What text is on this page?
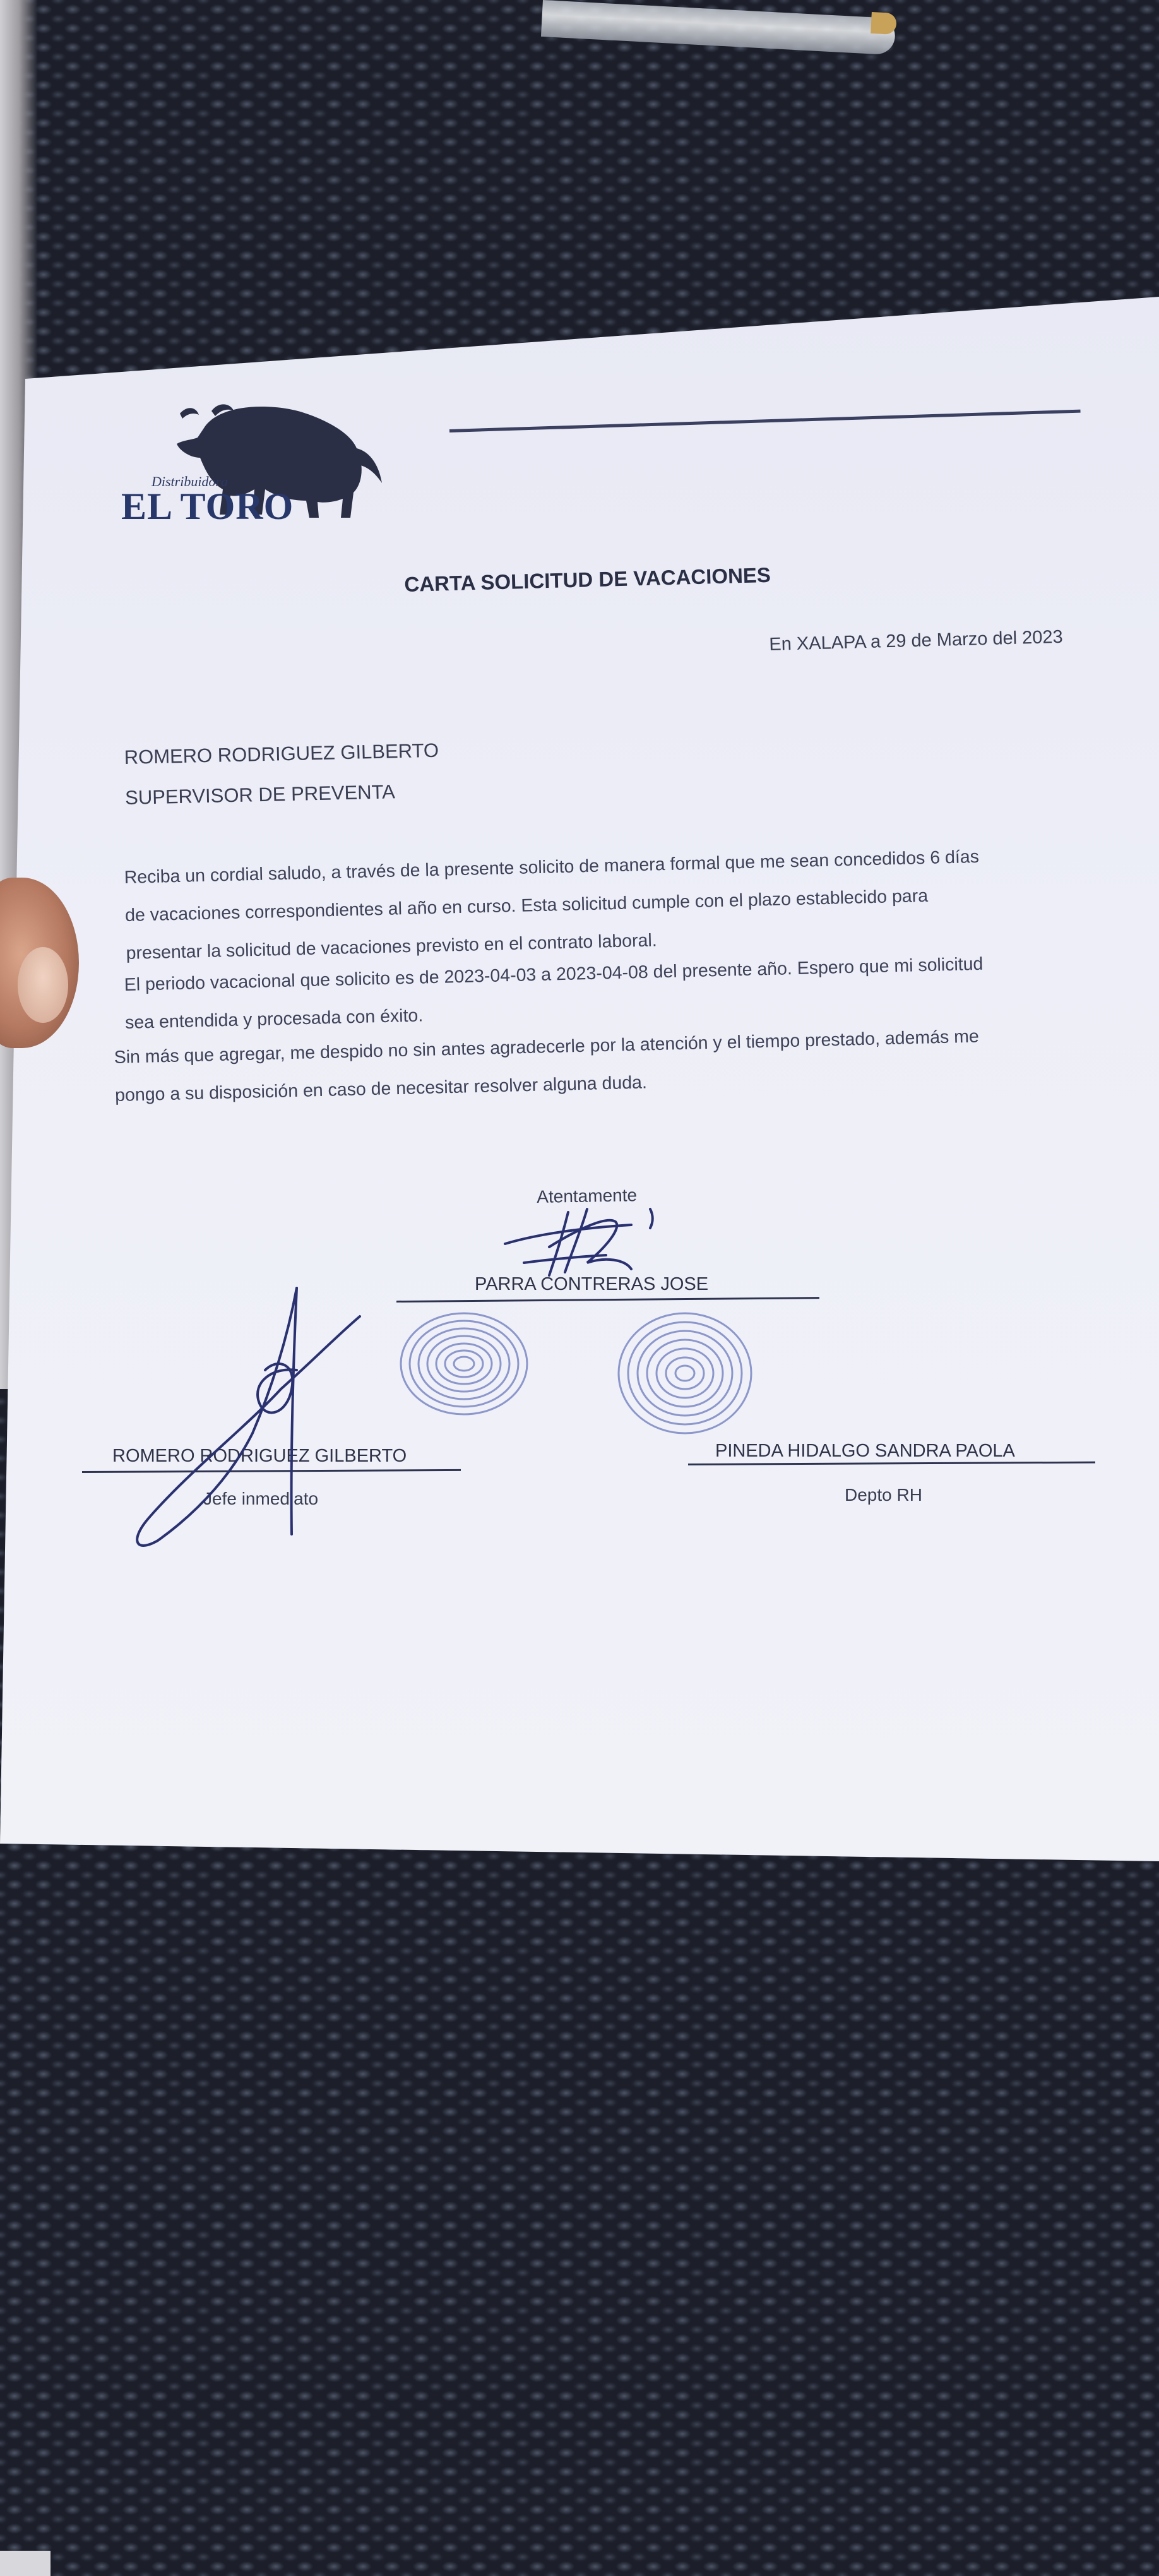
Distribuidora
EL TORO
CARTA SOLICITUD DE VACACIONES
En XALAPA a 29 de Marzo del 2023
ROMERO RODRIGUEZ GILBERTO
SUPERVISOR DE PREVENTA
Reciba un cordial saludo, a través de la presente solicito de manera formal que me sean concedidos 6 días
de vacaciones correspondientes al año en curso. Esta solicitud cumple con el plazo establecido para
presentar la solicitud de vacaciones previsto en el contrato laboral.
El periodo vacacional que solicito es de 2023-04-03 a 2023-04-08 del presente año. Espero que mi solicitud
sea entendida y procesada con éxito.
Sin más que agregar, me despido no sin antes agradecerle por la atención y el tiempo prestado, además me
pongo a su disposición en caso de necesitar resolver alguna duda.
Atentamente
PARRA CONTRERAS JOSE
ROMERO RODRIGUEZ GILBERTO
Jefe inmediato
PINEDA HIDALGO SANDRA PAOLA
Depto RH
